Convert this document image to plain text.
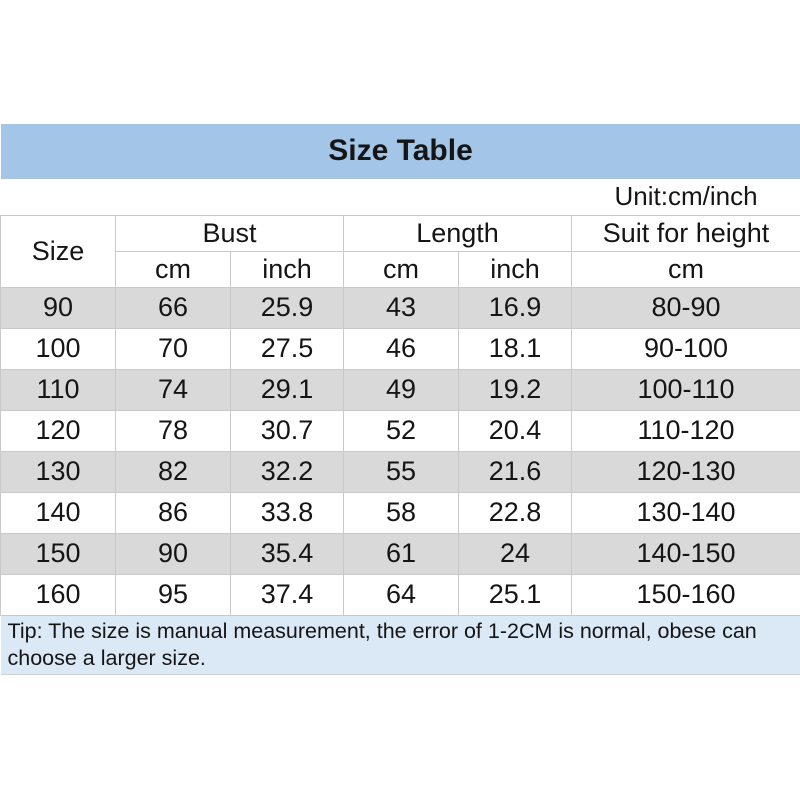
Size Table					
					Unit:cm/inch
Size	Bust		Length		Suit for height
	cm	inch	cm	inch	cm
90	66	25.9	43	16.9	80-90
100	70	27.5	46	18.1	90-100
110	74	29.1	49	19.2	100-110
120	78	30.7	52	20.4	110-120
130	82	32.2	55	21.6	120-130
140	86	33.8	58	22.8	130-140
150	90	35.4	61	24	140-150
160	95	37.4	64	25.1	150-160
Tip: The size is manual measurement, the error of 1-2CM is normal, obese can choose a larger size.					
